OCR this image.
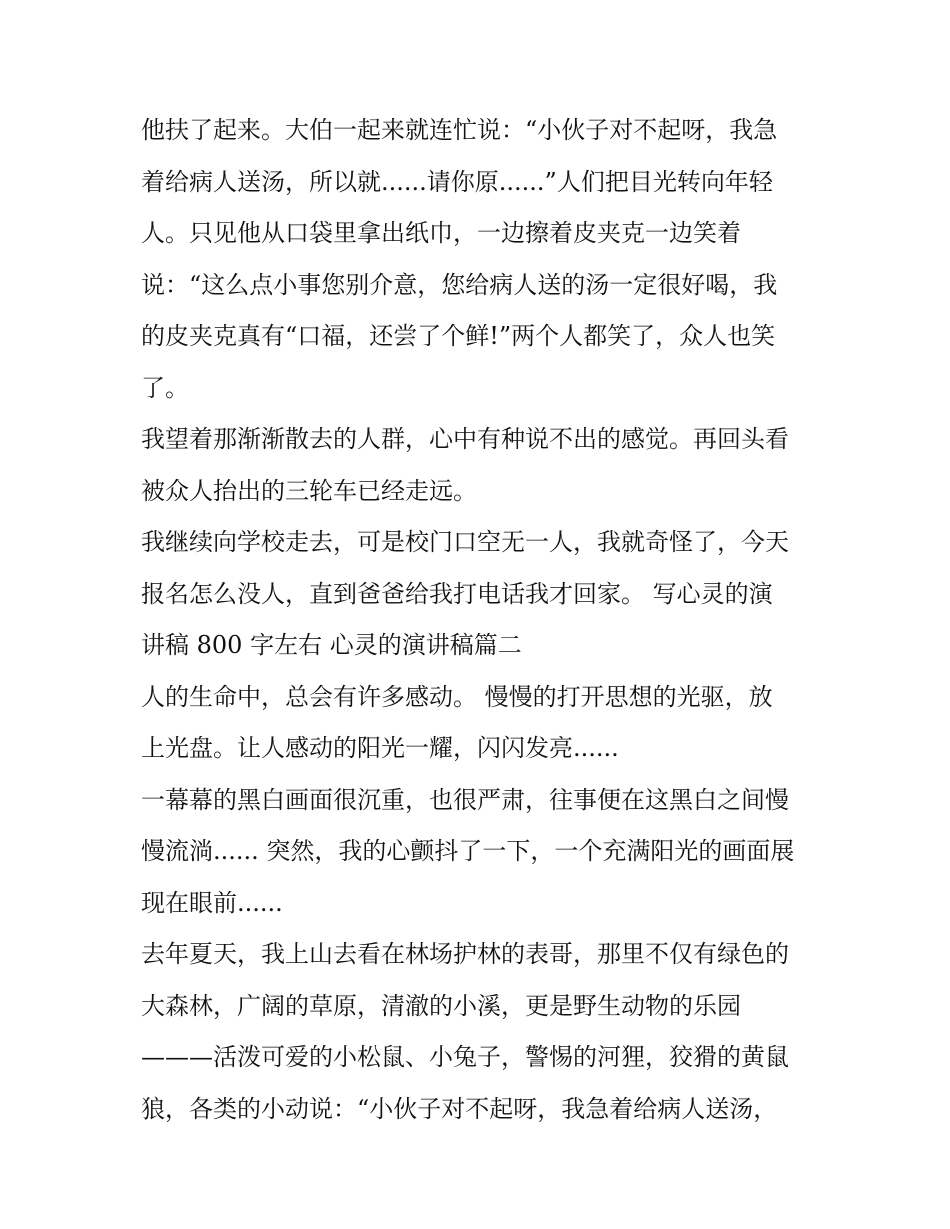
他扶了起来。大伯一起来就连忙说：“小伙子对不起呀，我急
着给病人送汤，所以就......请你原......”人们把目光转向年轻
人。只见他从口袋里拿出纸巾，一边擦着皮夹克一边笑着
说：“这么点小事您别介意，您给病人送的汤一定很好喝，我
的皮夹克真有“口福，还尝了个鲜!”两个人都笑了，众人也笑
了。
我望着那渐渐散去的人群，心中有种说不出的感觉。再回头看
被众人抬出的三轮车已经走远。
我继续向学校走去，可是校门口空无一人，我就奇怪了，今天
报名怎么没人，直到爸爸给我打电话我才回家。 写心灵的演
讲稿 800 字左右 心灵的演讲稿篇二
人的生命中，总会有许多感动。 慢慢的打开思想的光驱，放
上光盘。让人感动的阳光一耀，闪闪发亮......
一幕幕的黑白画面很沉重，也很严肃，往事便在这黑白之间慢
慢流淌...... 突然，我的心颤抖了一下，一个充满阳光的画面展
现在眼前......
去年夏天，我上山去看在林场护林的表哥，那里不仅有绿色的
大森林，广阔的草原，清澈的小溪，更是野生动物的乐园
———活泼可爱的小松鼠、小兔子，警惕的河狸，狡猾的黄鼠
狼，各类的小动说：“小伙子对不起呀，我急着给病人送汤，
